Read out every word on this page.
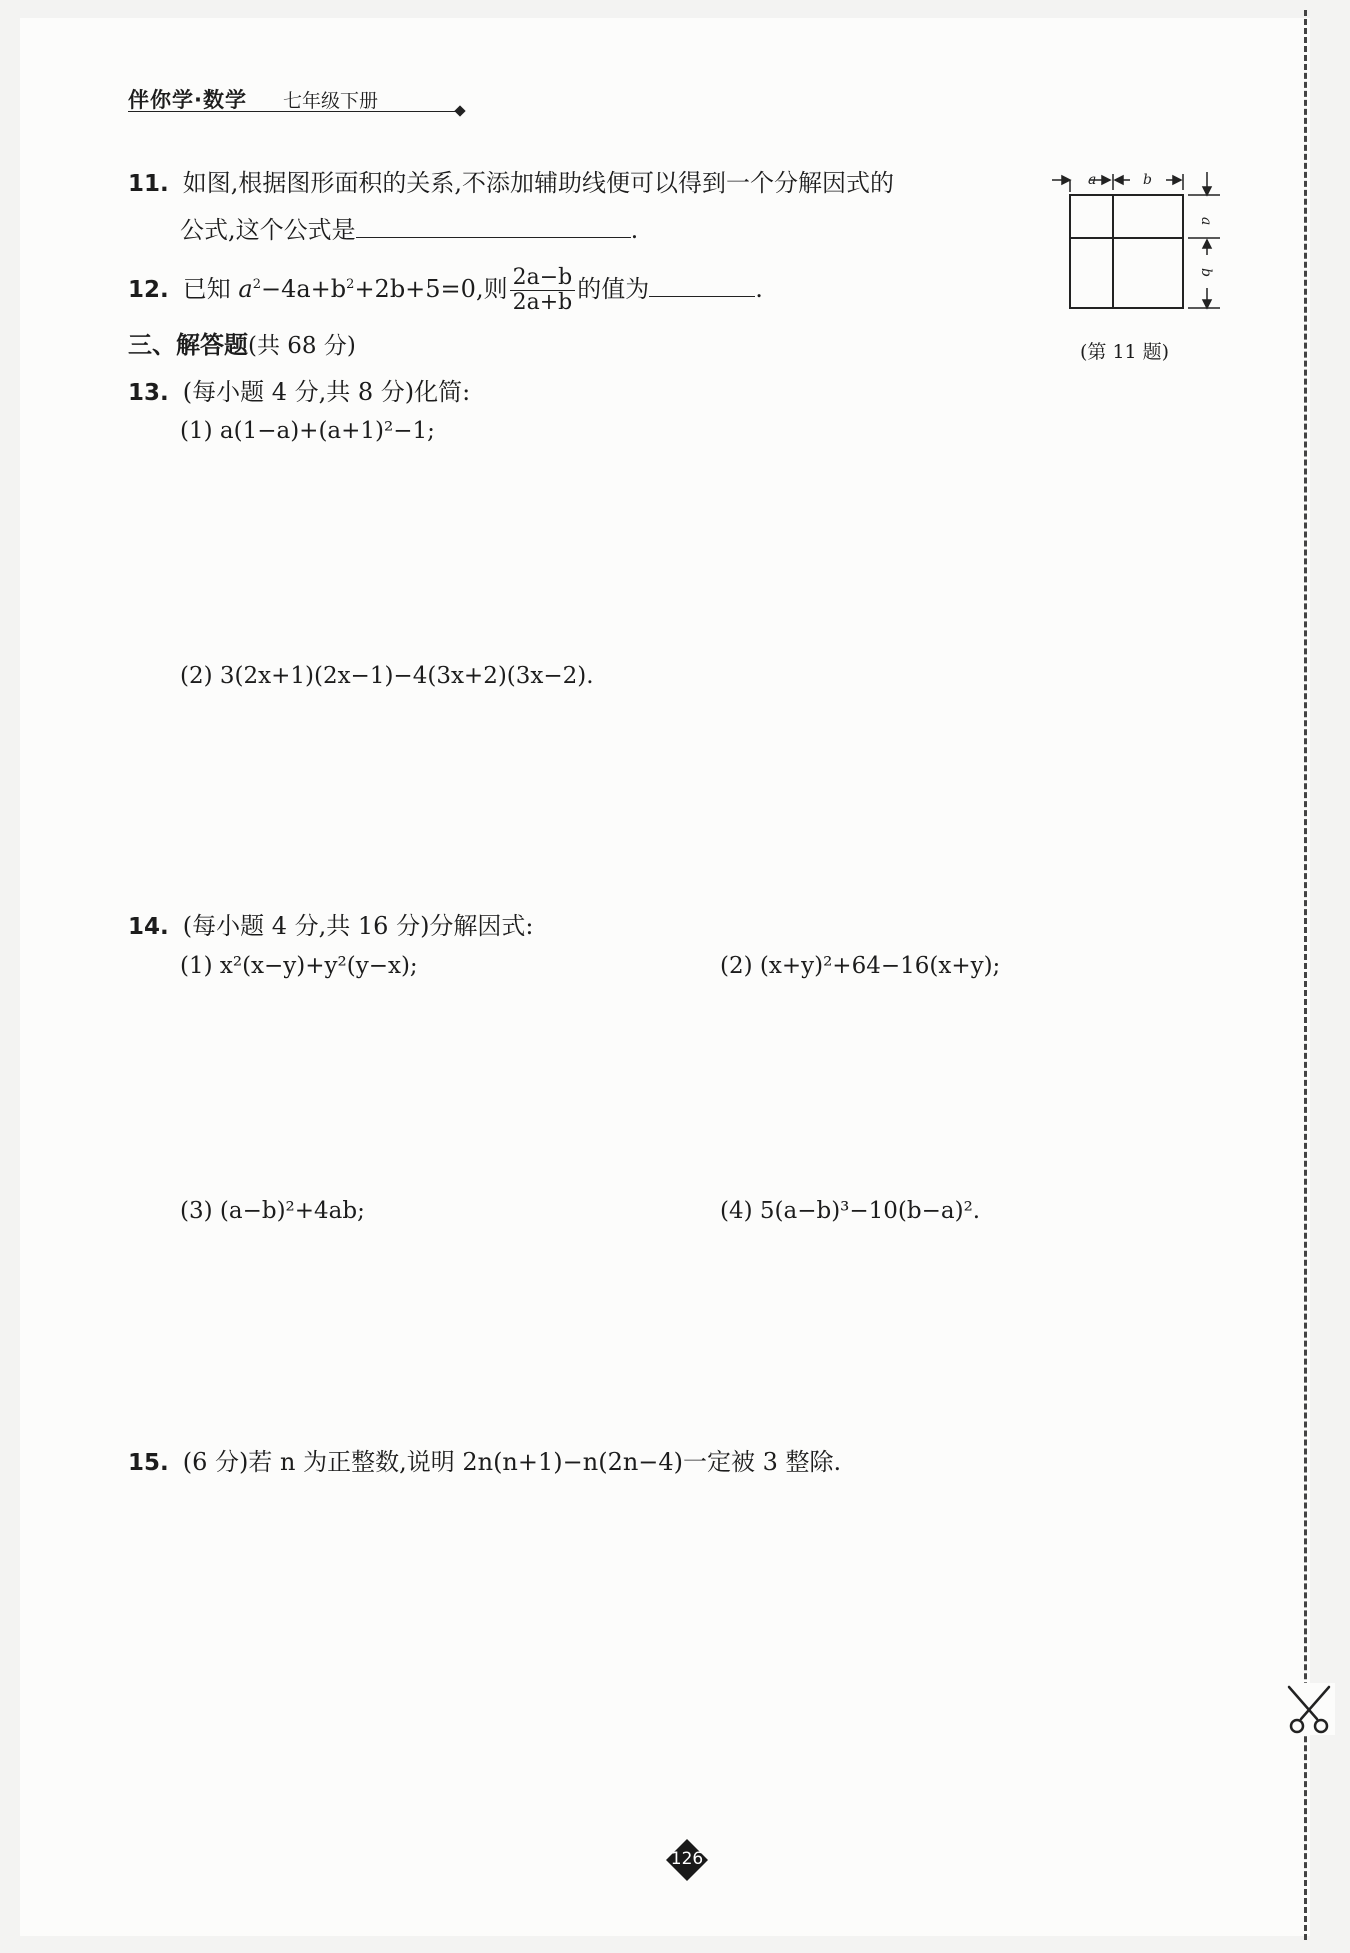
伴你学·数学 七年级下册
11. 如图,根据图形面积的关系,不添加辅助线便可以得到一个分解因式的
公式,这个公式是	.
a	b
a
b
(第 11 题)
12. 已知 $a^2-4a+b^2+2b+5=0$,则 $\frac{2a-b}{2a+b}$ 的值为	.
三、解答题(共 68 分)
13. (每小题 4 分,共 8 分)化简:
(1) a(1−a)+(a+1)²−1;
(2) 3(2x+1)(2x−1)−4(3x+2)(3x−2).
14. (每小题 4 分,共 16 分)分解因式:
(1) x²(x−y)+y²(y−x);	(2) (x+y)²+64−16(x+y);
(3) (a−b)²+4ab;	(4) 5(a−b)³−10(b−a)².
15. (6 分)若 n 为正整数,说明 2n(n+1)−n(2n−4)一定被 3 整除.
126
